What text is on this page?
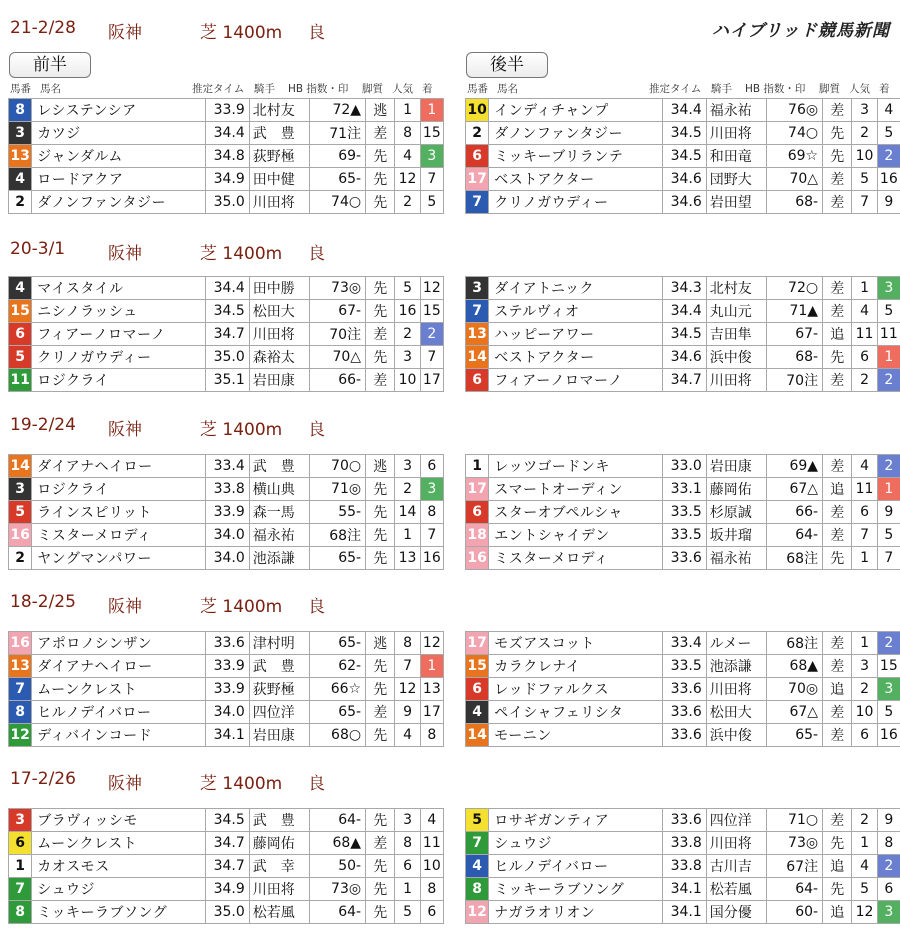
ハイブリッド競馬新聞
前半	後半
馬番 馬名	推定タイム 騎手 HB 指数・印 脚質 人気 着	馬番 馬名	推定タイム 騎手 HB 指数・印 脚質 人気 着
21-2/28 阪神	芝 1400m 良
8	レシステンシア	33.9	北村友	72▲	逃	1	1
3	カツジ	34.4	武　豊	71注	差	8	15
13	ジャンダルム	34.8	荻野極	69-	先	4	3
4	ロードアクア	34.9	田中健	65-	先	12	7
2	ダノンファンタジー	35.0	川田将	74○	先	2	5
10	インディチャンプ	34.4	福永祐	76◎	差	3	4
2	ダノンファンタジー	34.5	川田将	74○	先	2	5
6	ミッキーブリランテ	34.5	和田竜	69☆	先	10	2
17	ベストアクター	34.6	団野大	70△	差	5	16
7	クリノガウディー	34.6	岩田望	68-	差	7	9
20-3/1	阪神	芝 1400m 良
4	マイスタイル	34.4	田中勝	73◎	先	5	12
15	ニシノラッシュ	34.5	松田大	67-	先	16	15
6	フィアーノロマーノ	34.7	川田将	70注	差	2	2
5	クリノガウディー	35.0	森裕太	70△	先	3	7
11	ロジクライ	35.1	岩田康	66-	差	10	17
3	ダイアトニック	34.3	北村友	72○	差	1	3
7	ステルヴィオ	34.4	丸山元	71▲	差	4	5
13	ハッピーアワー	34.5	吉田隼	67-	追	11	11
14	ベストアクター	34.6	浜中俊	68-	先	6	1
6	フィアーノロマーノ	34.7	川田将	70注	差	2	2
19-2/24 阪神	芝 1400m 良
14	ダイアナヘイロー	33.4	武　豊	70○	逃	3	6
3	ロジクライ	33.8	横山典	71◎	先	2	3
5	ラインスピリット	33.9	森一馬	55-	先	14	8
16	ミスターメロディ	34.0	福永祐	68注	先	1	7
2	ヤングマンパワー	34.0	池添謙	65-	先	13	16
1	レッツゴードンキ	33.0	岩田康	69▲	差	4	2
17	スマートオーディン	33.1	藤岡佑	67△	追	11	1
6	スターオブペルシャ	33.5	杉原誠	66-	差	6	9
18	エントシャイデン	33.5	坂井瑠	64-	差	7	5
16	ミスターメロディ	33.6	福永祐	68注	先	1	7
18-2/25 阪神	芝 1400m 良
16	アポロノシンザン	33.6	津村明	65-	逃	8	12
13	ダイアナヘイロー	33.9	武　豊	62-	先	7	1
7	ムーンクレスト	33.9	荻野極	66☆	先	12	13
8	ヒルノデイバロー	34.0	四位洋	65-	差	9	17
12	ディバインコード	34.1	岩田康	68○	先	4	8
17	モズアスコット	33.4	ルメー	68注	差	1	2
15	カラクレナイ	33.5	池添謙	68▲	差	3	15
6	レッドファルクス	33.6	川田将	70◎	追	2	3
4	ペイシャフェリシタ	33.6	松田大	67△	差	10	5
14	モーニン	33.6	浜中俊	65-	差	6	16
17-2/26 阪神	芝 1400m 良
3	ブラヴィッシモ	34.5	武　豊	64-	先	3	4
6	ムーンクレスト	34.7	藤岡佑	68▲	差	8	11
1	カオスモス	34.7	武　幸	50-	先	6	10
7	シュウジ	34.9	川田将	73◎	先	1	8
8	ミッキーラブソング	35.0	松若風	64-	先	5	6
5	ロサギガンティア	33.6	四位洋	71○	差	2	9
7	シュウジ	33.8	川田将	73◎	先	1	8
4	ヒルノデイバロー	33.8	古川吉	67注	追	4	2
8	ミッキーラブソング	34.1	松若風	64-	先	5	6
12	ナガラオリオン	34.1	国分優	60-	追	12	3
